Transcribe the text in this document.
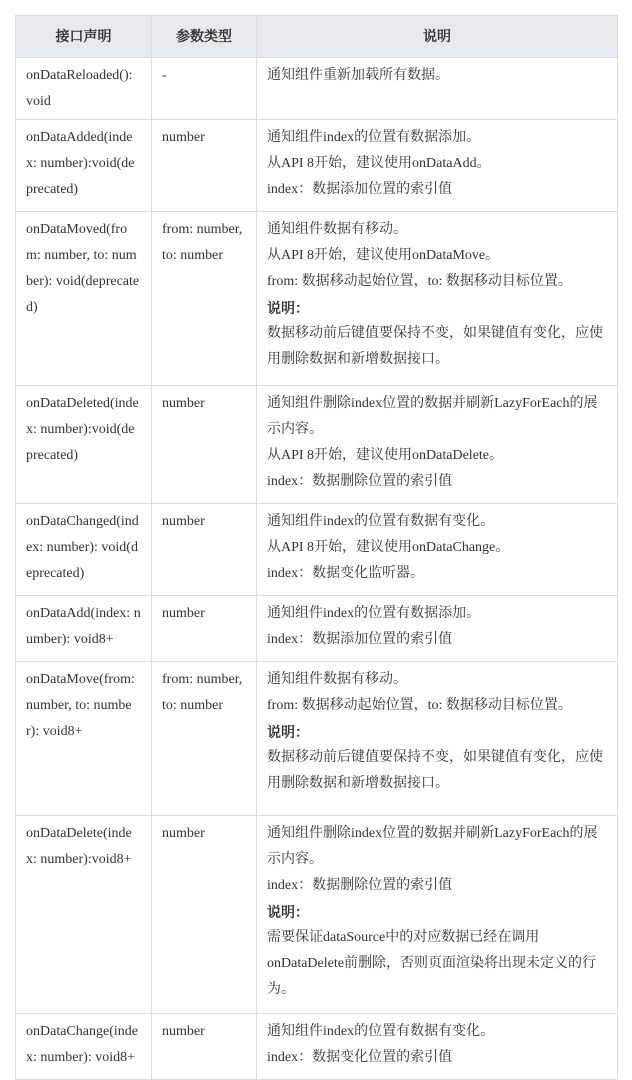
接口声明	参数类型	说明
onDataReloaded(): void	-	通知组件重新加载所有数据。

onDataAdded(index: number):void(deprecated)	number	通知组件index的位置有数据添加。
从API 8开始，建议使用onDataAdd。
index：数据添加位置的索引值

onDataMoved(from: number, to: number): void(deprecated)	from: number, to: number	通知组件数据有移动。
从API 8开始，建议使用onDataMove。
from: 数据移动起始位置，to: 数据移动目标位置。
说明：
数据移动前后键值要保持不变，如果键值有变化，应使用删除数据和新增数据接口。

onDataDeleted(index: number):void(deprecated)	number	通知组件删除index位置的数据并刷新LazyForEach的展示内容。
从API 8开始，建议使用onDataDelete。
index：数据删除位置的索引值

onDataChanged(index: number): void(deprecated)	number	通知组件index的位置有数据有变化。
从API 8开始，建议使用onDataChange。
index：数据变化监听器。

onDataAdd(index: number): void8+	number	通知组件index的位置有数据添加。
index：数据添加位置的索引值

onDataMove(from: number, to: number): void8+	from: number, to: number	通知组件数据有移动。
from: 数据移动起始位置，to: 数据移动目标位置。
说明：
数据移动前后键值要保持不变，如果键值有变化，应使用删除数据和新增数据接口。

onDataDelete(index: number):void8+	number	通知组件删除index位置的数据并刷新LazyForEach的展示内容。
index：数据删除位置的索引值
说明：
需要保证dataSource中的对应数据已经在调用onDataDelete前删除，否则页面渲染将出现未定义的行为。

onDataChange(index: number): void8+	number	通知组件index的位置有数据有变化。
index：数据变化位置的索引值
